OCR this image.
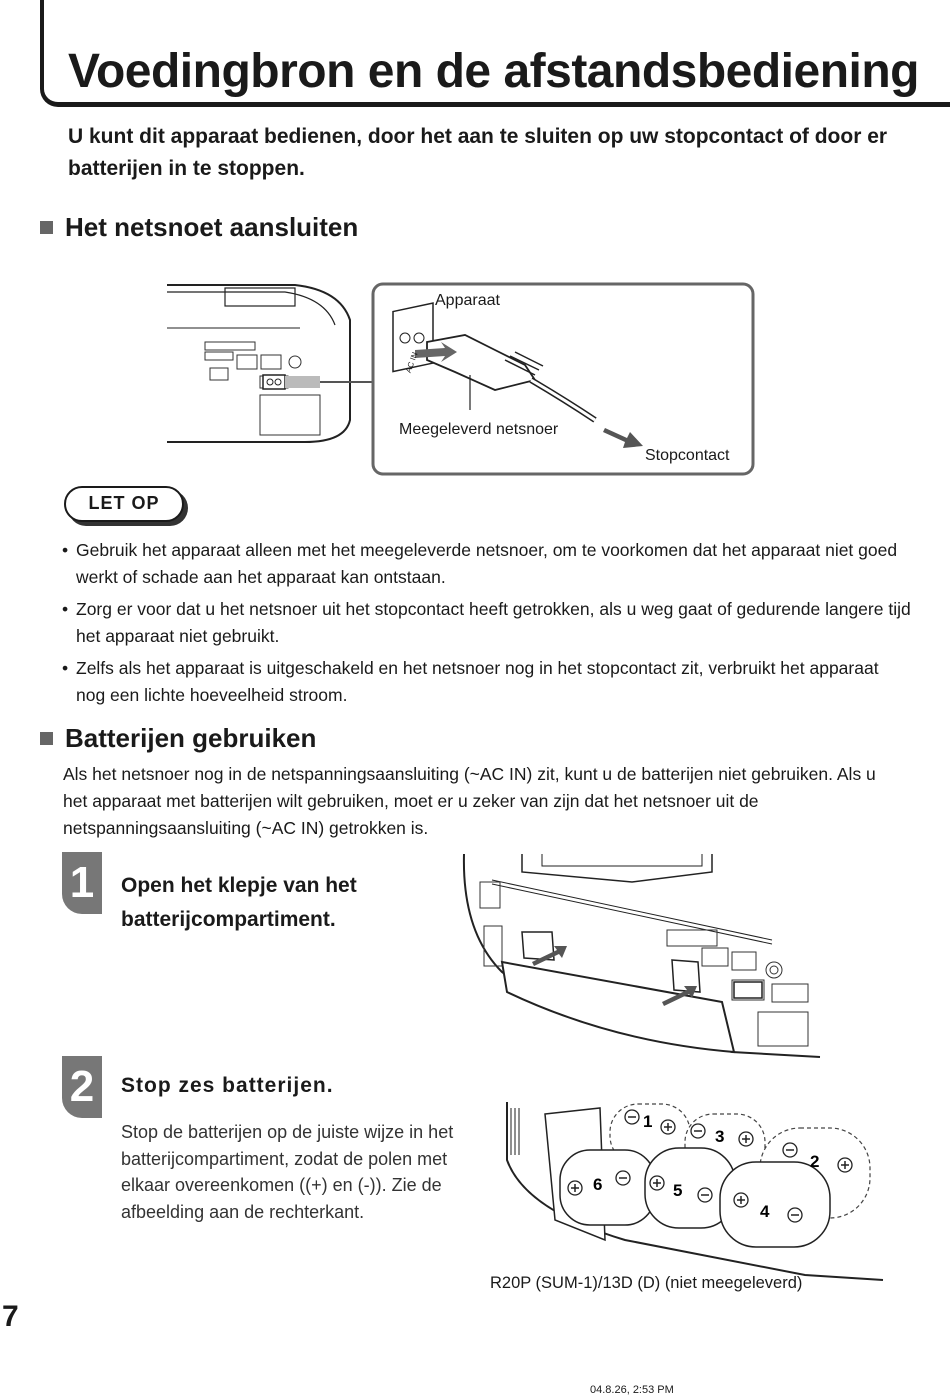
Voedingbron en de afstandsbediening

U kunt dit apparaat bedienen, door het aan te sluiten op uw stopcontact of door er batterijen in te stoppen.

Het netsnoet aansluiten
Apparaat
Meegeleverd netsnoer
Stopcontact
AC IN
LET OP
• Gebruik het apparaat alleen met het meegeleverde netsnoer, om te voorkomen dat het apparaat niet goed werkt of schade aan het apparaat kan ontstaan.
• Zorg er voor dat u het netsnoer uit het stopcontact heeft getrokken, als u weg gaat of gedurende langere tijd het apparaat niet gebruikt.
• Zelfs als het apparaat is uitgeschakeld en het netsnoer nog in het stopcontact zit, verbruikt het apparaat nog een lichte hoeveelheid stroom.
Batterijen gebruiken

Als het netsnoer nog in de netspanningsaansluiting (~AC IN) zit, kunt u de batterijen niet gebruiken. Als u het apparaat met batterijen wilt gebruiken, moet er u zeker van zijn dat het netsnoer uit de netspanningsaansluiting (~AC IN) getrokken is.

1	Open het klepje van het batterijcompartiment.

2	Stop zes batterijen.

Stop de batterijen op de juiste wijze in het batterijcompartiment, zodat de polen met elkaar overeenkomen ((+) en (-)). Zie de afbeelding aan de rechterkant.

1
2
3
4
5
6
R20P (SUM-1)/13D (D) (niet meegeleverd)
7
04.8.26, 2:53 PM
